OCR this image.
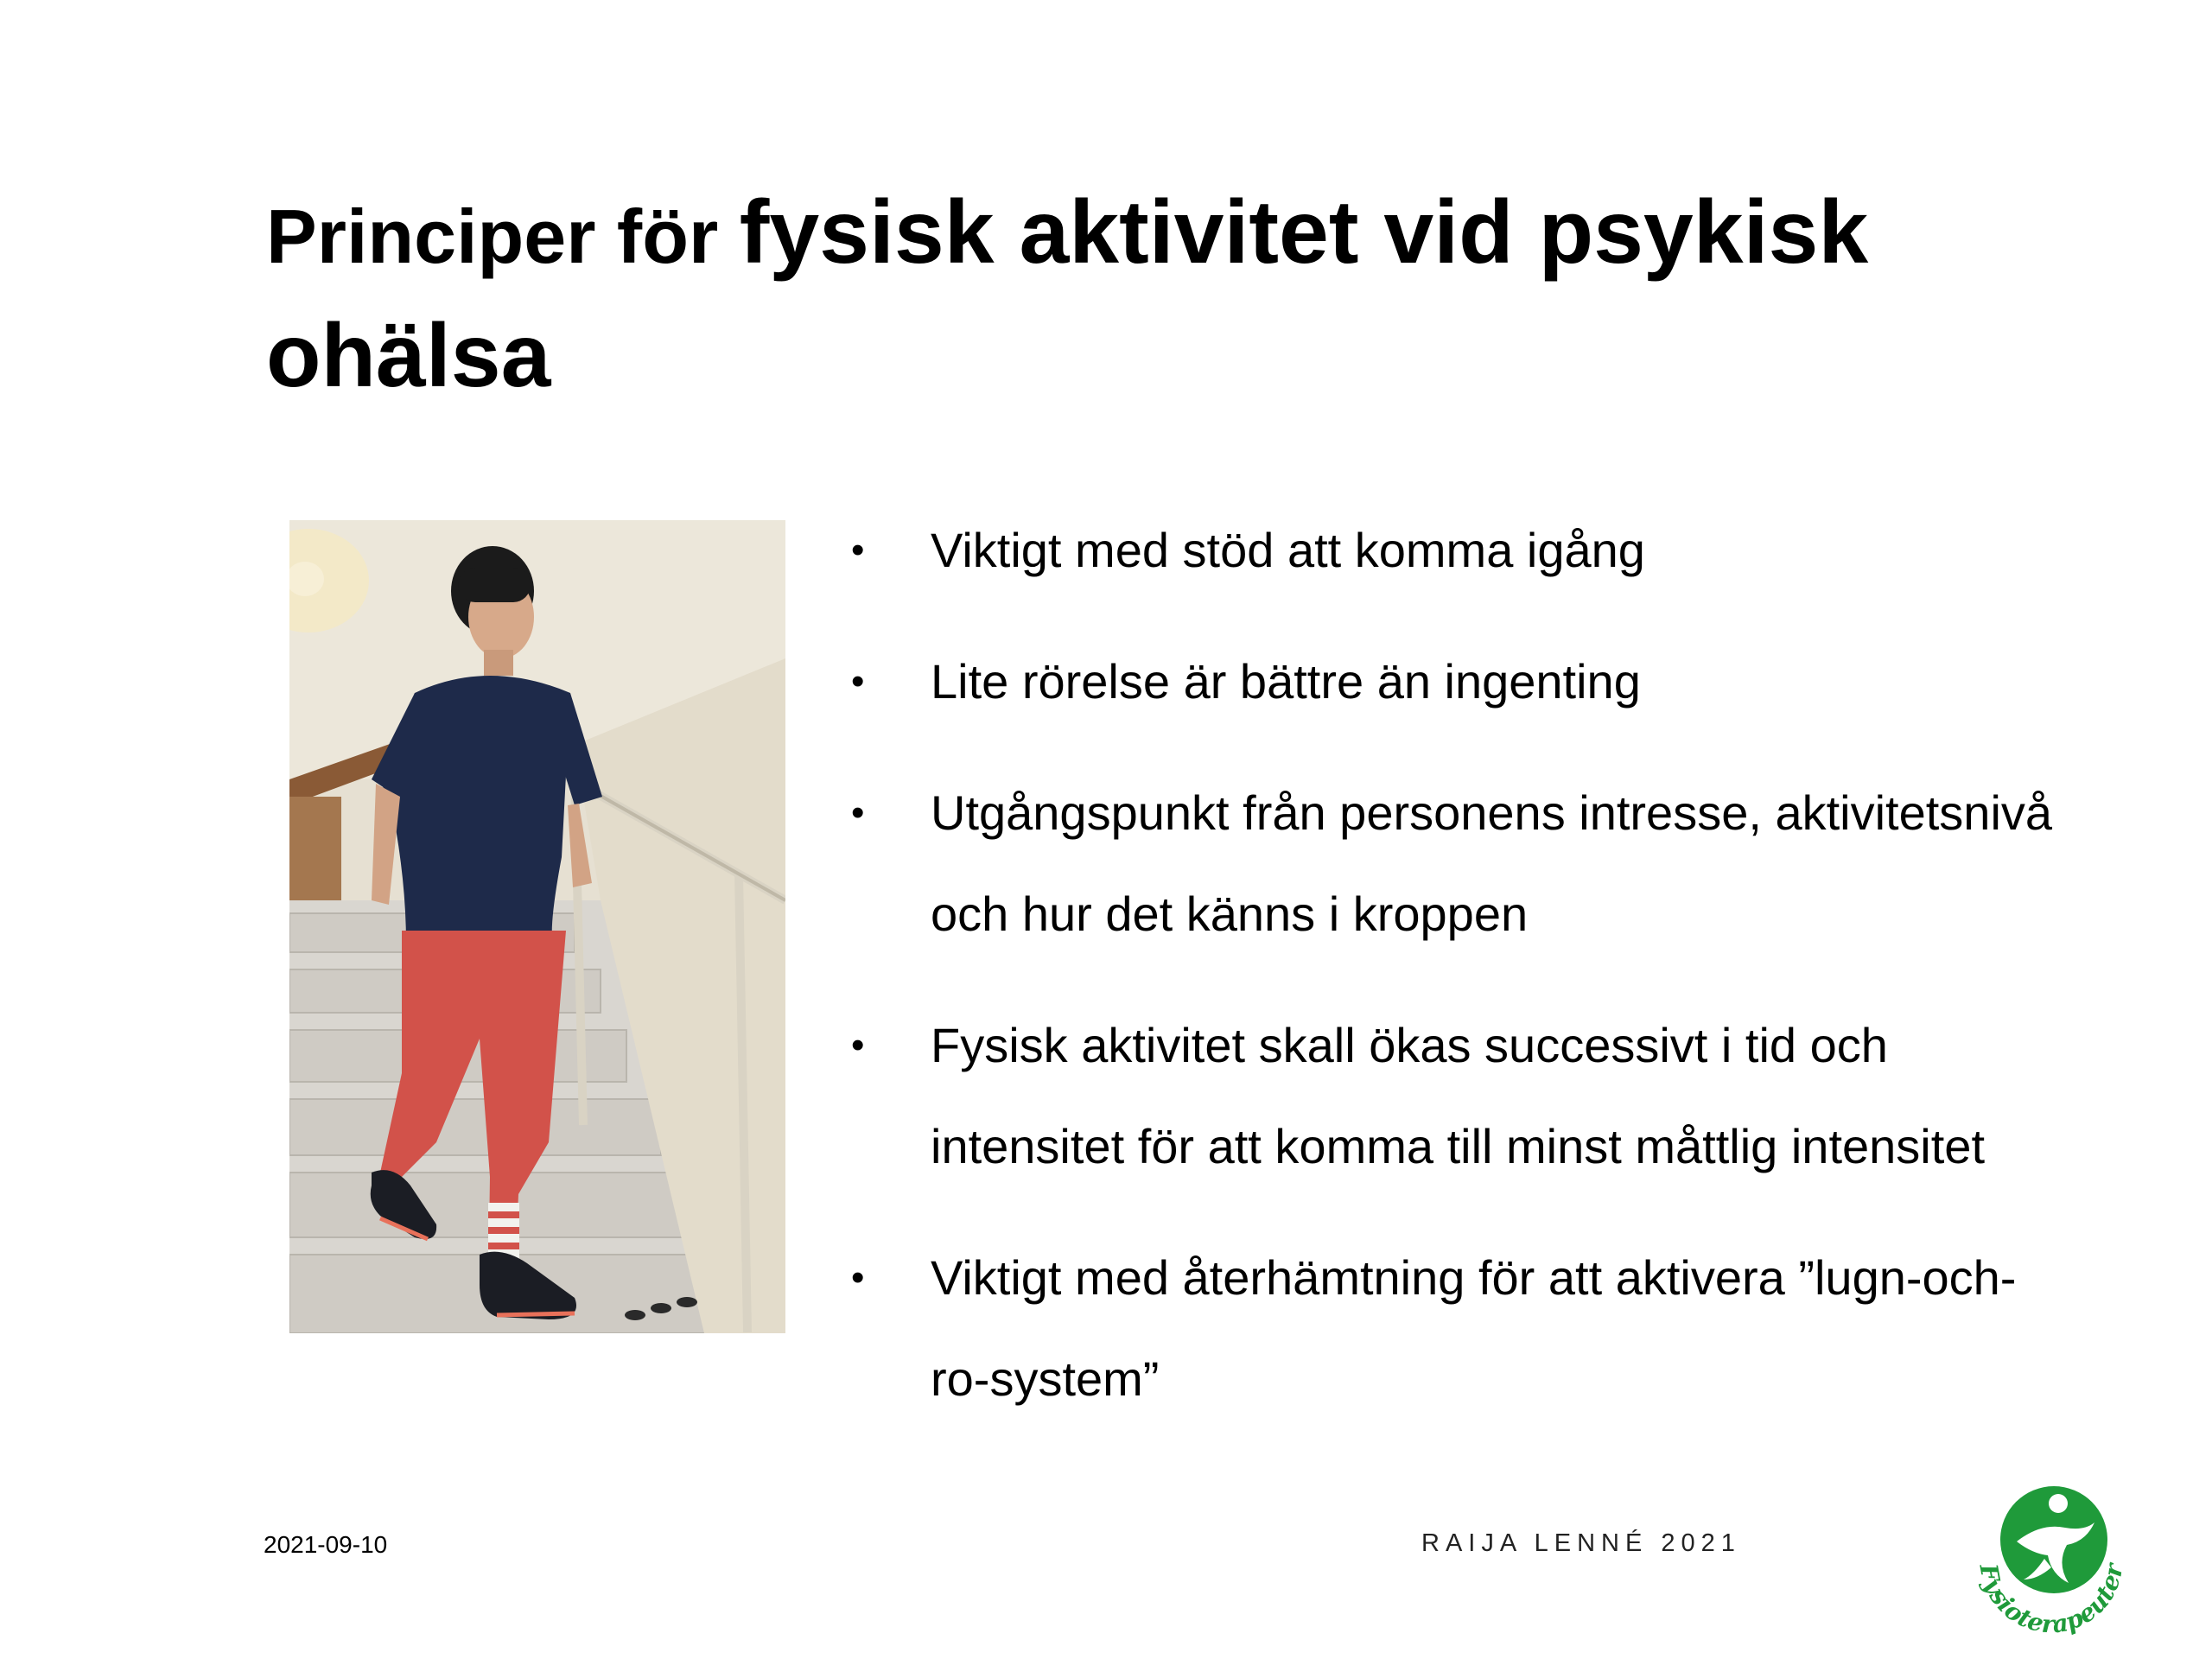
Principer för fysisk aktivitet vid psykisk ohälsa
•	Viktigt med stöd att komma igång
•	Lite rörelse är bättre än ingenting
•	Utgångspunkt från personens intresse, aktivitetsnivå och hur det känns i kroppen
•	Fysisk aktivitet skall ökas successivt i tid och intensitet för att komma till minst måttlig intensitet
•	Viktigt med återhämtning för att aktivera ”lugn-och-ro-system”
2021-09-10	RAIJA LENNÉ 2021
Fysioterapeuter
